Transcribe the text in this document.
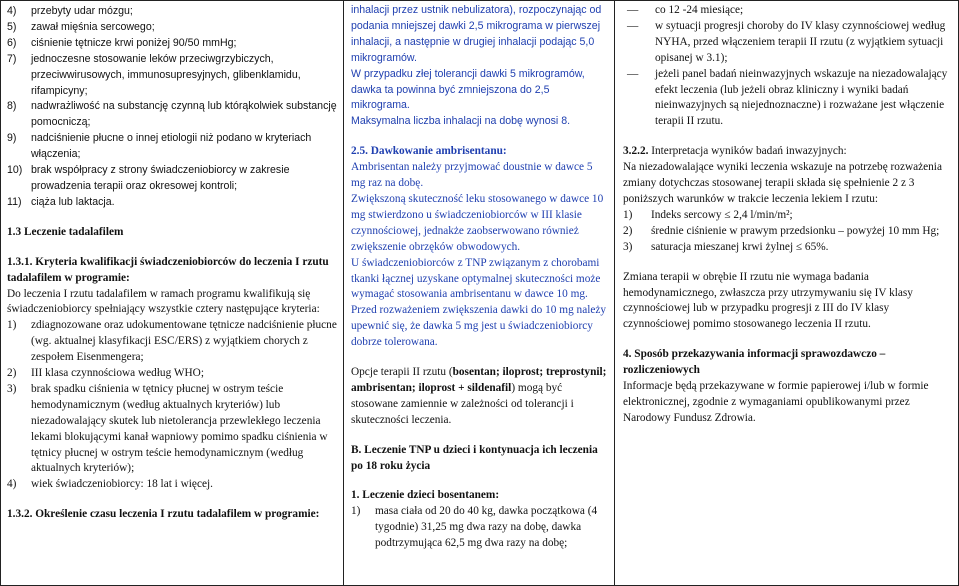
4)	przebyty udar mózgu;
5)	zawał mięśnia sercowego;
6)	ciśnienie tętnicze krwi poniżej 90/50 mmHg;
7)	jednoczesne stosowanie leków przeciwgrzybiczych, przeciwwirusowych, immunosupresyjnych, glibenklamidu, rifampicyny;
8)	nadwrażliwość na substancję czynną lub którąkolwiek substancję pomocniczą;
9)	nadciśnienie płucne o innej etiologii niż podano w kryteriach włączenia;
10) brak współpracy z strony świadczeniobiorcy w zakresie prowadzenia terapii oraz okresowej kontroli;
11) ciąża lub laktacja.

1.3 Leczenie tadalafilem

1.3.1. Kryteria kwalifikacji świadczeniobiorców do leczenia I rzutu tadalafilem w programie:

Do leczenia I rzutu tadalafilem w ramach programu kwalifikują się świadczeniobiorcy spełniający wszystkie cztery następujące kryteria:

1)	zdiagnozowane oraz udokumentowane tętnicze nadciśnienie płucne (wg. aktualnej klasyfikacji ESC/ERS) z wyjątkiem chorych z zespołem Eisenmengera;
2)	III klasa czynnościowa według WHO;
3)	brak spadku ciśnienia w tętnicy płucnej w ostrym teście hemodynamicznym (według aktualnych kryteriów) lub niezadowalający skutek lub nietolerancja przewlekłego leczenia lekami blokującymi kanał wapniowy pomimo spadku ciśnienia w tętnicy płucnej w ostrym teście hemodynamicznym (według aktualnych kryteriów);
4)	wiek świadczeniobiorcy: 18 lat i więcej.

1.3.2. Określenie czasu leczenia I rzutu tadalafilem w programie:

inhalacji przez ustnik nebulizatora), rozpoczynając od podania mniejszej dawki 2,5 mikrograma w pierwszej inhalacji, a następnie w drugiej inhalacji podając 5,0 mikrogramów.

W przypadku złej tolerancji dawki 5 mikrogramów, dawka ta powinna być zmniejszona do 2,5 mikrograma.

Maksymalna liczba inhalacji na dobę wynosi 8.

2.5. Dawkowanie ambrisentanu:

Ambrisentan należy przyjmować doustnie w dawce 5 mg raz na dobę.

Zwiększoną skuteczność leku stosowanego w dawce 10 mg stwierdzono u świadczeniobiorców w III klasie czynnościowej, jednakże zaobserwowano również zwiększenie obrzęków obwodowych.

U świadczeniobiorców z TNP związanym z chorobami tkanki łącznej uzyskane optymalnej skuteczności może wymagać stosowania ambrisentanu w dawce 10 mg.

Przed rozważeniem zwiększenia dawki do 10 mg należy upewnić się, że dawka 5 mg jest u świadczeniobiorcy dobrze tolerowana.

Opcje terapii II rzutu (bosentan; iloprost; treprostynil; ambrisentan; iloprost + sildenafil) mogą być stosowane zamiennie w zależności od tolerancji i skuteczności leczenia.

B. Leczenie TNP u dzieci i kontynuacja ich leczenia po 18 roku życia

1. Leczenie dzieci bosentanem:

1)	masa ciała od 20 do 40 kg, dawka początkowa (4 tygodnie) 31,25 mg dwa razy na dobę, dawka podtrzymująca 62,5 mg dwa razy na dobę;
—	co 12 -24 miesiące;
—	w sytuacji progresji choroby do IV klasy czynnościowej według NYHA, przed włączeniem terapii II rzutu (z wyjątkiem sytuacji opisanej w 3.1);
—	jeżeli panel badań nieinwazyjnych wskazuje na niezadowalający efekt leczenia (lub jeżeli obraz kliniczny i wyniki badań nieinwazyjnych są niejednoznaczne) i rozważane jest włączenie terapii II rzutu.

3.2.2. Interpretacja wyników badań inwazyjnych:

Na niezadowalające wyniki leczenia wskazuje na potrzebę rozważenia zmiany dotychczas stosowanej terapii składa się spełnienie 2 z 3 poniższych warunków w trakcie leczenia lekiem I rzutu:

1)	Indeks sercowy ≤ 2,4 l/min/m²;
2)	średnie ciśnienie w prawym przedsionku – powyżej 10 mm Hg;
3)	saturacja mieszanej krwi żylnej ≤ 65%.

Zmiana terapii w obrębie II rzutu nie wymaga badania hemodynamicznego, zwłaszcza przy utrzymywaniu się IV klasy czynnościowej lub w przypadku progresji z III do IV klasy czynnościowej pomimo stosowanego leczenia II rzutu.

4. Sposób przekazywania informacji sprawozdawczo – rozliczeniowych

Informacje będą przekazywane w formie papierowej i/lub w formie elektronicznej, zgodnie z wymaganiami opublikowanymi przez Narodowy Fundusz Zdrowia.
